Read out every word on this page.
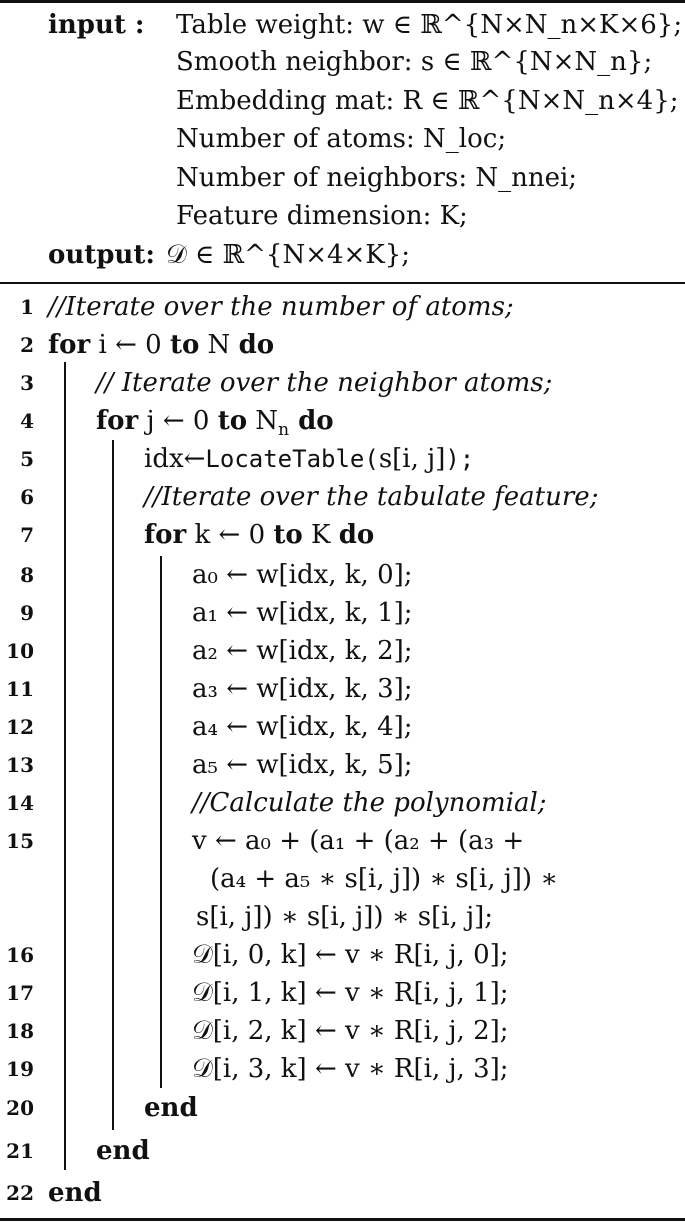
input : Table weight: w ∈ ℝ^{N×N_n×K×6};
Smooth neighbor: s ∈ ℝ^{N×N_n};
Embedding mat: R ∈ ℝ^{N×N_n×4};
Number of atoms: N_loc;
Number of neighbors: N_nnei;
Feature dimension: K;
output: 𝒟 ∈ ℝ^{N×4×K};
1
2
3
4
5
6
7
8
9
10
11
12
13
14
15
16
17
18
19
20
21
22
//Iterate over the number of atoms;
for i ← 0 to N do
// Iterate over the neighbor atoms;
for j ← 0 to $N_n$ do
idx←LocateTable(s[i, j]);
//Iterate over the tabulate feature;
for k ← 0 to K do
a₀ ← w[idx, k, 0];
a₁ ← w[idx, k, 1];
a₂ ← w[idx, k, 2];
a₃ ← w[idx, k, 3];
a₄ ← w[idx, k, 4];
a₅ ← w[idx, k, 5];
//Calculate the polynomial;
v ← a₀ + (a₁ + (a₂ + (a₃ +
(a₄ + a₅ ∗ s[i, j]) ∗ s[i, j]) ∗
s[i, j]) ∗ s[i, j]) ∗ s[i, j];
𝒟[i, 0, k] ← v ∗ R[i, j, 0];
𝒟[i, 1, k] ← v ∗ R[i, j, 1];
𝒟[i, 2, k] ← v ∗ R[i, j, 2];
𝒟[i, 3, k] ← v ∗ R[i, j, 3];
end
end
end
